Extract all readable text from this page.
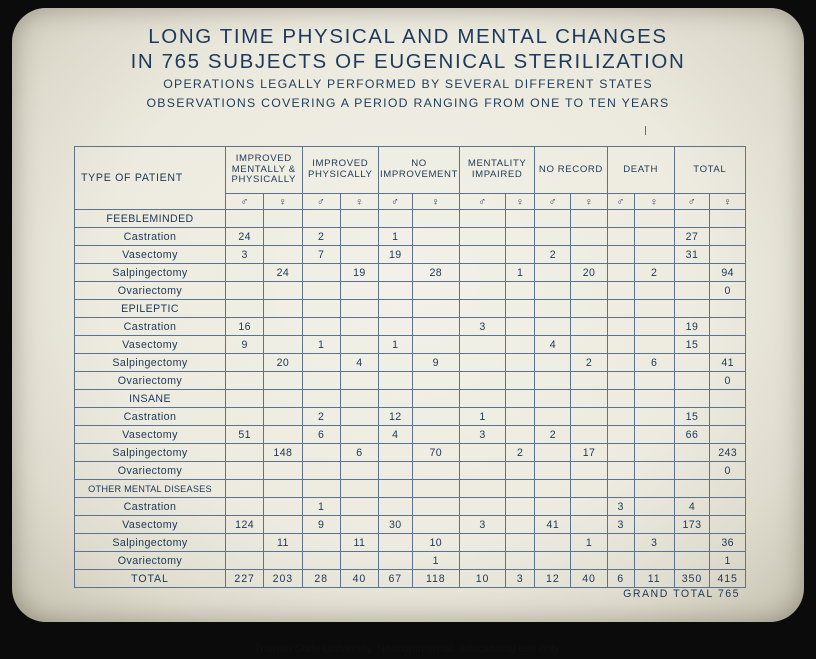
LONG TIME PHYSICAL AND MENTAL CHANGES
IN 765 SUBJECTS OF EUGENICAL STERILIZATION
OPERATIONS LEGALLY PERFORMED BY SEVERAL DIFFERENT STATES
OBSERVATIONS COVERING A PERIOD RANGING FROM ONE TO TEN YEARS
TYPE OF PATIENT	IMPROVED MENTALLY & PHYSICALLY		IMPROVED PHYSICALLY		NO IMPROVEMENT		MENTALITY IMPAIRED		NO RECORD		DEATH		TOTAL	
	♂	♀	♂	♀	♂	♀	♂	♀	♂	♀	♂	♀	♂	♀
FEEBLEMINDED														
Castration	24		2		1								27	
Vasectomy	3		7		19				2				31	
Salpingectomy		24		19		28		1		20		2		94
Ovariectomy														0
EPILEPTIC														
Castration	16						3						19	
Vasectomy	9		1		1				4				15	
Salpingectomy		20		4		9				2		6		41
Ovariectomy														0
INSANE														
Castration			2		12		1						15	
Vasectomy	51		6		4		3		2				66	
Salpingectomy		148		6		70		2		17				243
Ovariectomy														0
OTHER MENTAL DISEASES														
Castration			1								3		4	
Vasectomy	124		9		30		3		41		3		173	
Salpingectomy		11		11		10				1		3		36
Ovariectomy						1								1
TOTAL	227	203	28	40	67	118	10	3	12	40	6	11	350	415
GRAND TOTAL 765
Truman State University. Noncommercial, educational use only.
